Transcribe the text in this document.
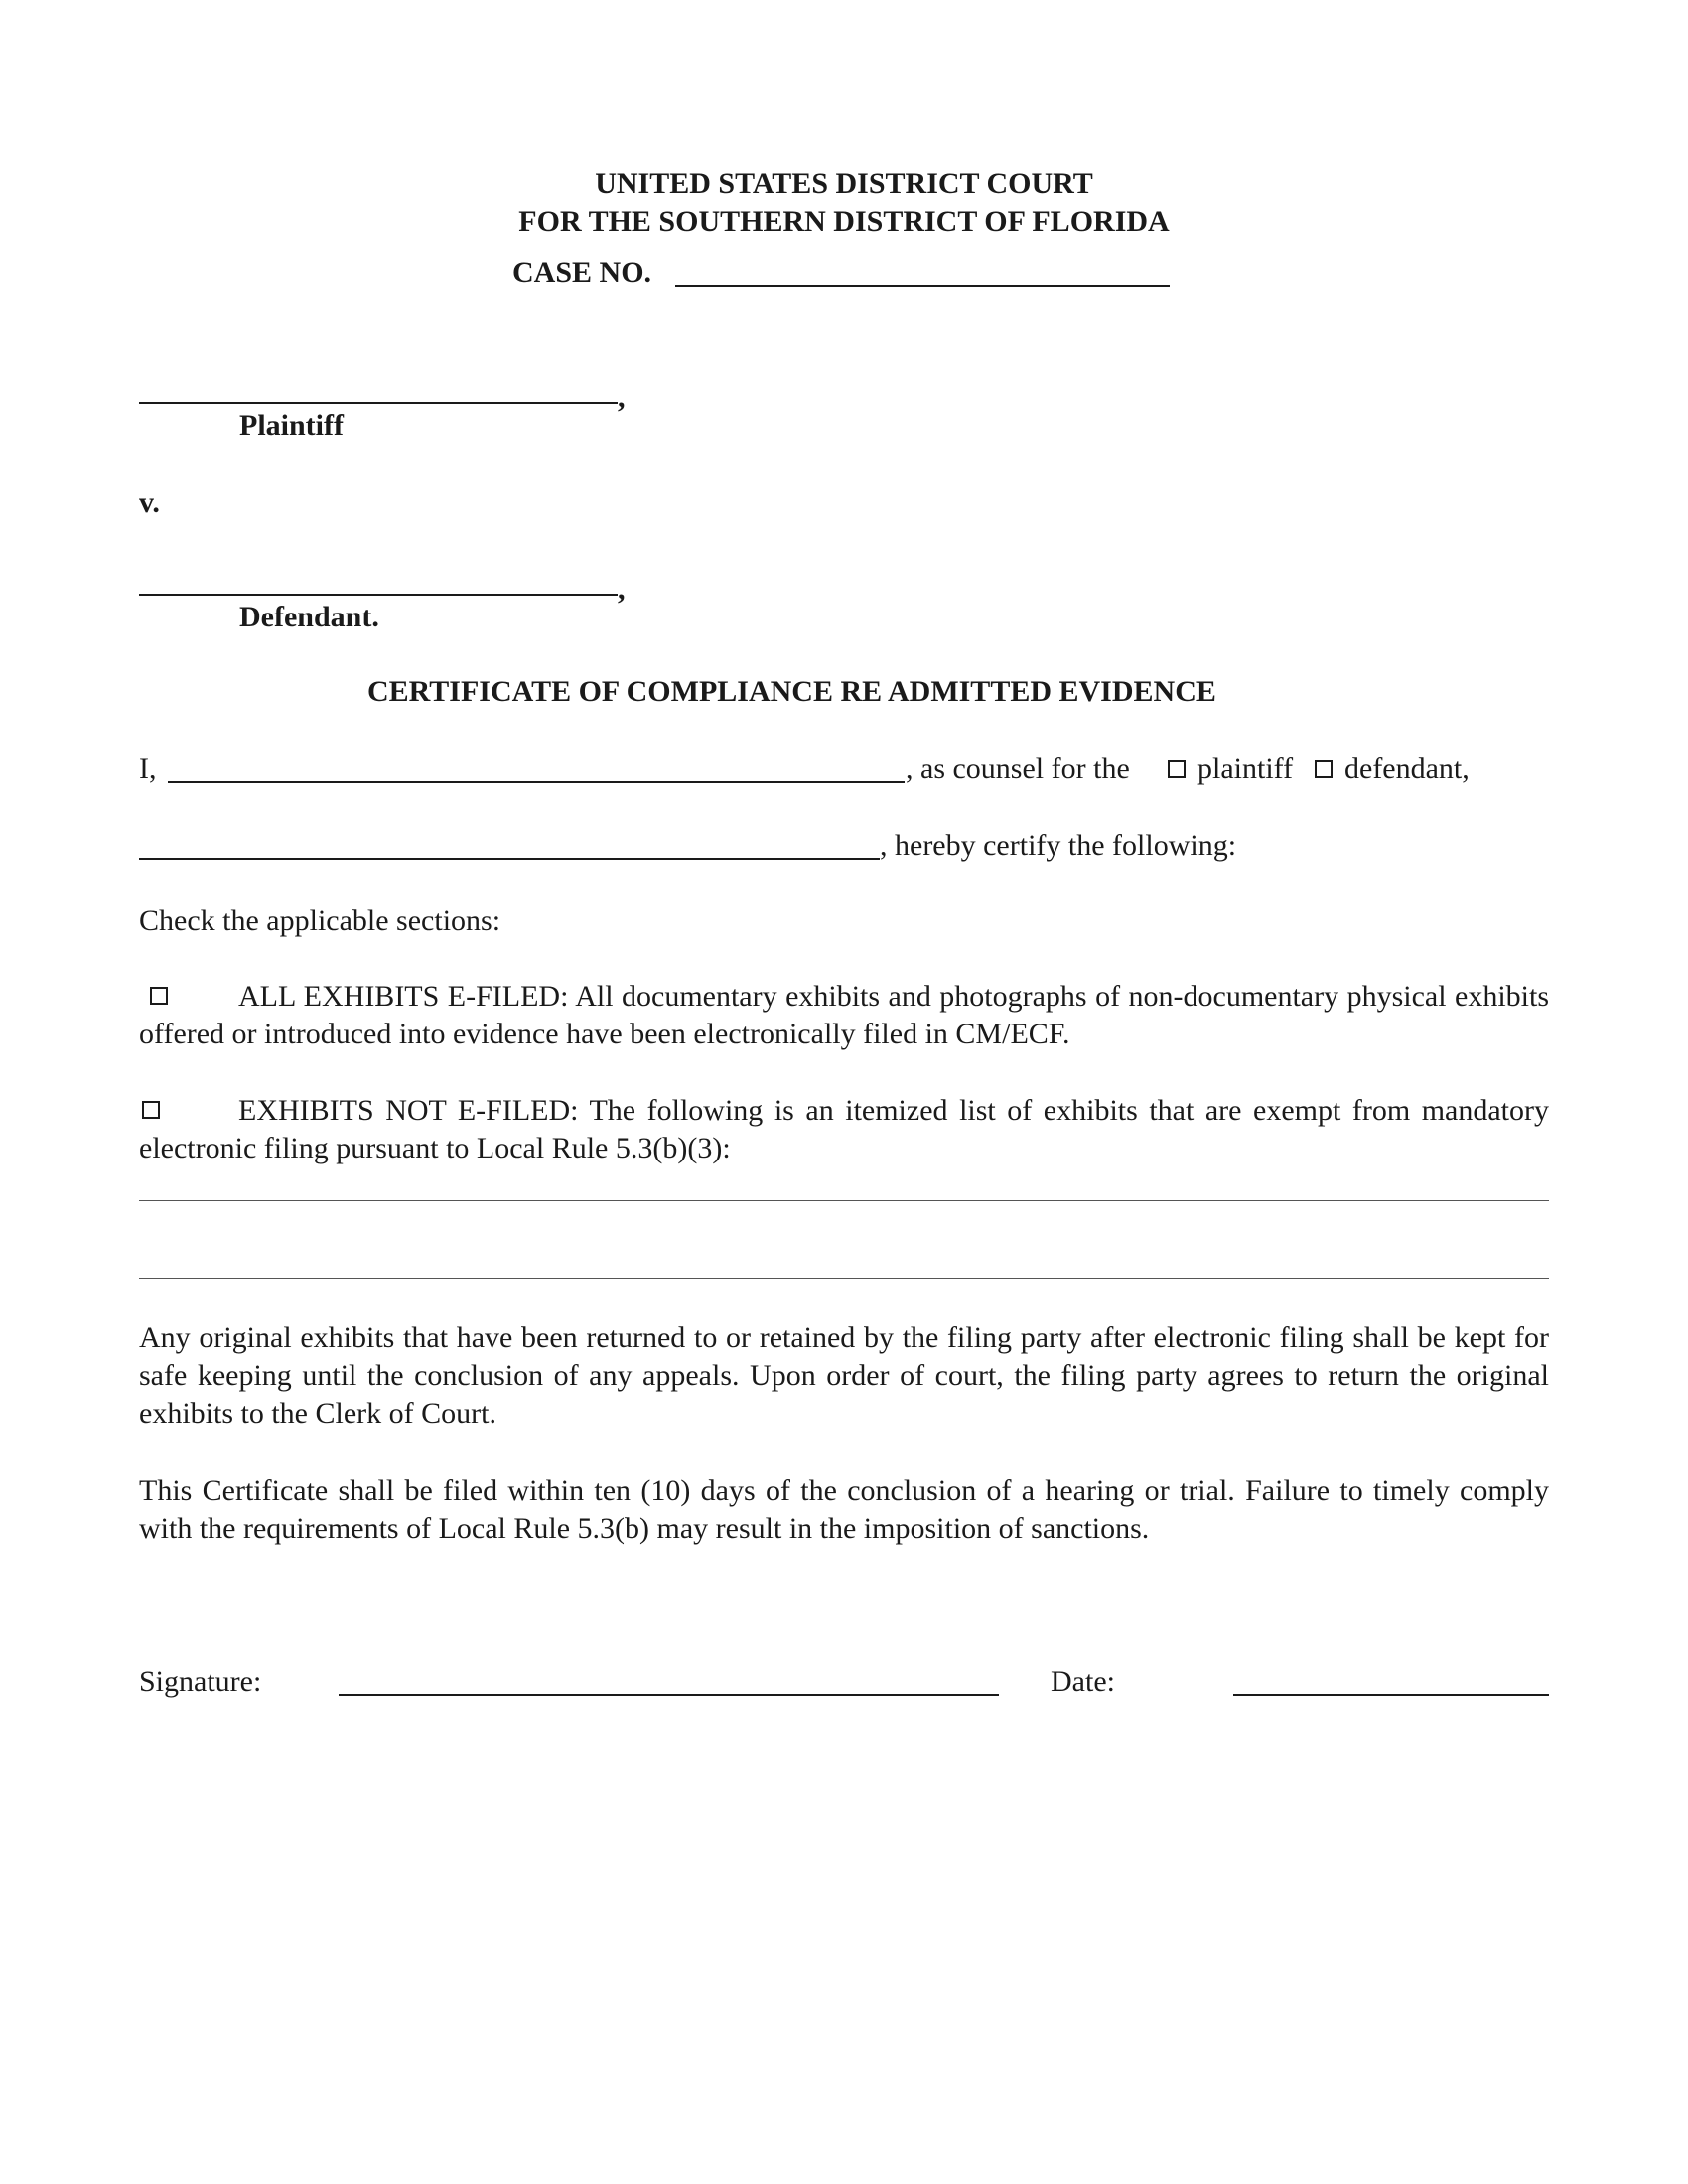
UNITED STATES DISTRICT COURT
FOR THE SOUTHERN DISTRICT OF FLORIDA
CASE NO.
,
Plaintiff
v.
,
Defendant.
CERTIFICATE OF COMPLIANCE RE ADMITTED EVIDENCE
I,	, as counsel for the plaintiff defendant,
, hereby certify the following:
Check the applicable sections:
ALL EXHIBITS E-FILED: All documentary exhibits and photographs of non-documentary physical exhibits offered or introduced into evidence have been electronically filed in CM/ECF.
EXHIBITS NOT E-FILED: The following is an itemized list of exhibits that are exempt from mandatory electronic filing pursuant to Local Rule 5.3(b)(3):
Any original exhibits that have been returned to or retained by the filing party after electronic filing shall be kept for safe keeping until the conclusion of any appeals. Upon order of court, the filing party agrees to return the original exhibits to the Clerk of Court.
This Certificate shall be filed within ten (10) days of the conclusion of a hearing or trial. Failure to timely comply with the requirements of Local Rule 5.3(b) may result in the imposition of sanctions.
Signature:	Date:
